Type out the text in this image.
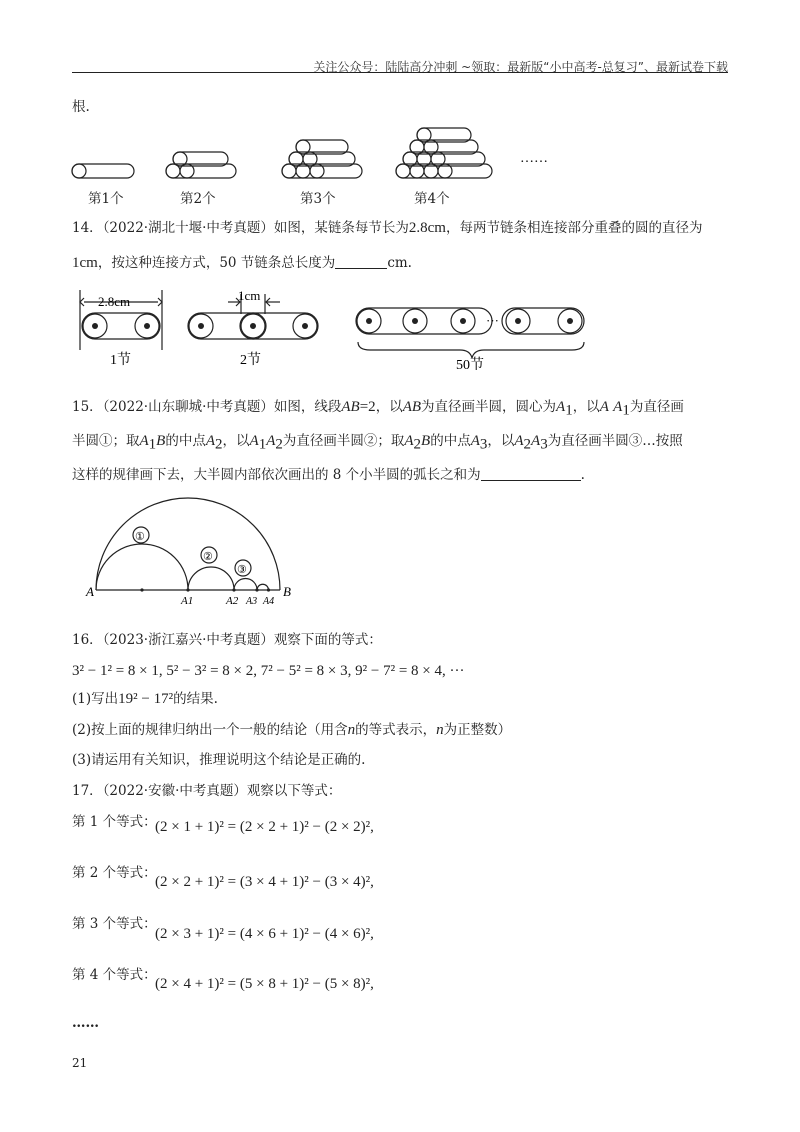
关注公众号：陆陆高分冲刺 ~领取：最新版“小中高考-总复习”、最新试卷下载
根.
……
第1个	第2个	第3个	第4个
14．（2022·湖北十堰·中考真题）如图，某链条每节长为2.8cm，每两节链条相连接部分重叠的圆的直径为
1cm，按这种连接方式，50 节链条总长度为	cm.
2.8cm	1cm
···
1节	2节	50节
15．（2022·山东聊城·中考真题）如图，线段AB=2，以AB为直径画半圆，圆心为$A_1$，以A $A_1$为直径画
半圆①；取$A_1B$的中点$A_2$，以$A_1A_2$为直径画半圆②；取$A_2B$的中点$A_3$，以$A_2A_3$为直径画半圆③…按照
这样的规律画下去，大半圆内部依次画出的 8 个小半圆的弧长之和为	.
A
A1	A2 A3 A4
B
①
②
③
16．（2023·浙江嘉兴·中考真题）观察下面的等式：
3² − 1² = 8 × 1, 5² − 3² = 8 × 2, 7² − 5² = 8 × 3, 9² − 7² = 8 × 4, ···
(1)写出19² − 17²的结果.
(2)按上面的规律归纳出一个一般的结论（用含n的等式表示，n为正整数）
(3)请运用有关知识，推理说明这个结论是正确的.
17．（2022·安徽·中考真题）观察以下等式：
第 1 个等式：
(2 × 1 + 1)² = (2 × 2 + 1)² − (2 × 2)²,
第 2 个等式：
(2 × 2 + 1)² = (3 × 4 + 1)² − (3 × 4)²,
第 3 个等式：
(2 × 3 + 1)² = (4 × 6 + 1)² − (4 × 6)²,
第 4 个等式：
(2 × 4 + 1)² = (5 × 8 + 1)² − (5 × 8)²,
……
21
